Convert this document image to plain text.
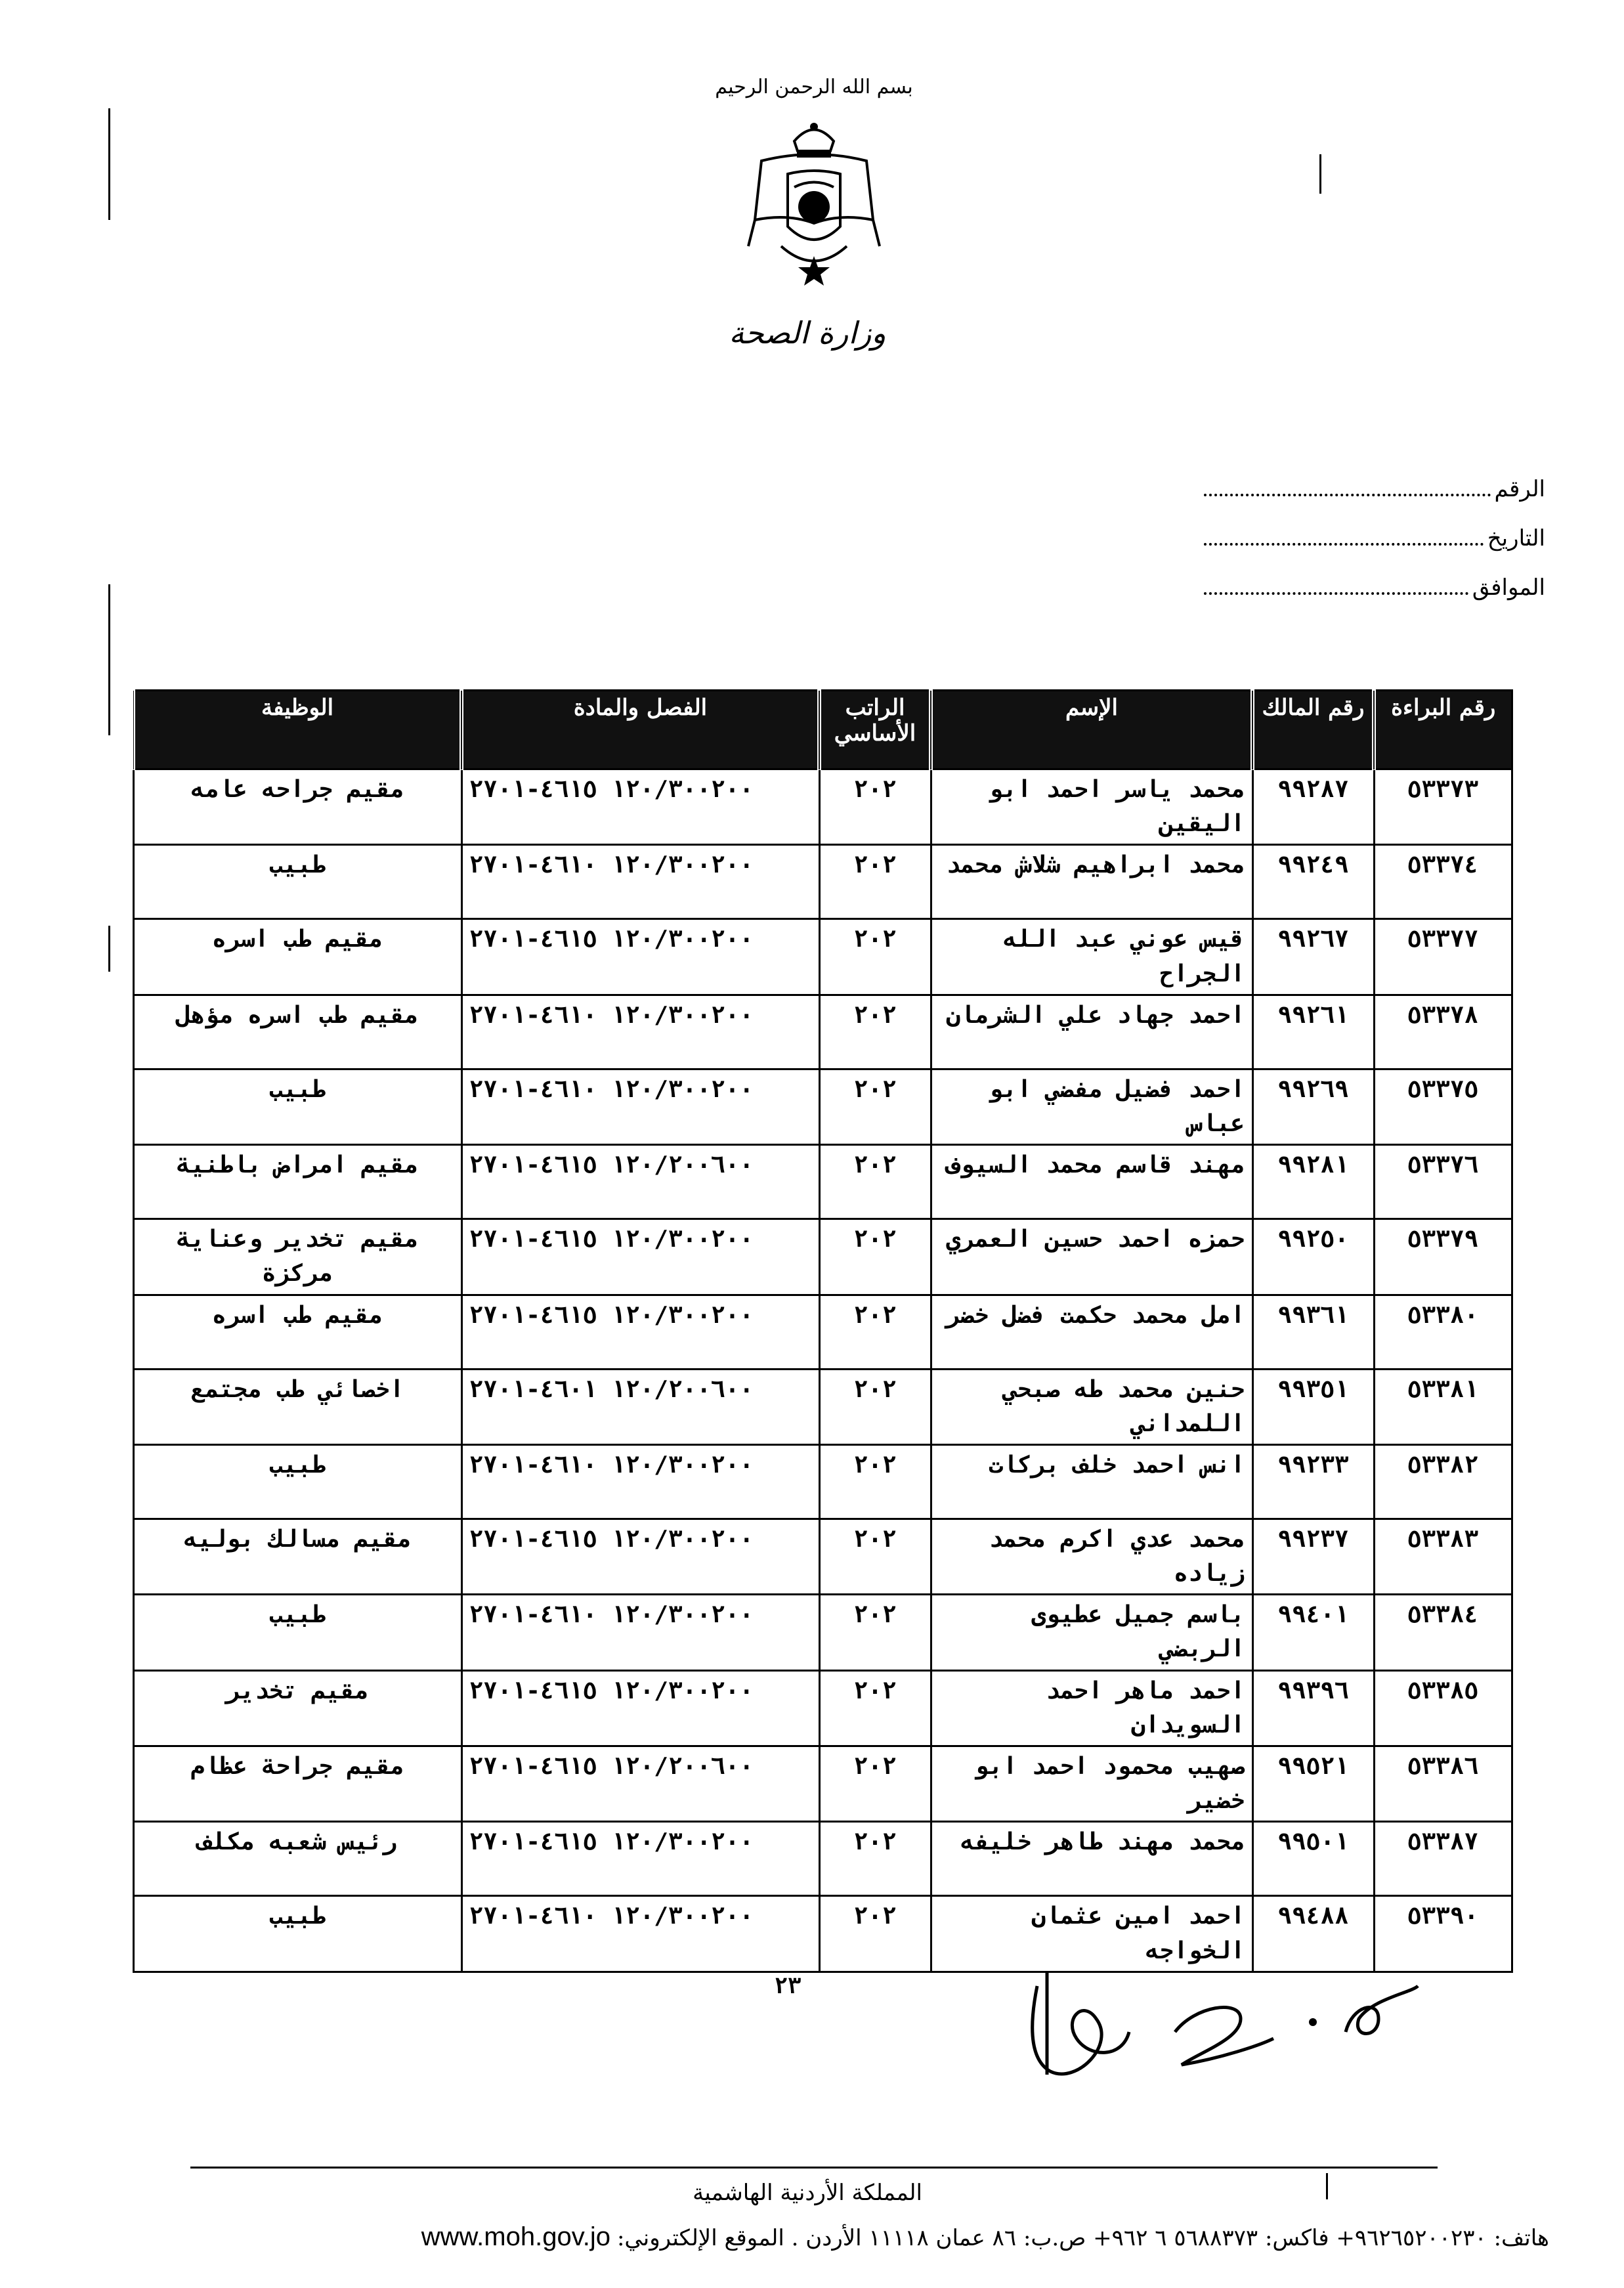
بسم الله الرحمن الرحيم
وزارة الصحة
الرقم
التاريخ
الموافق
رقم البراءة	رقم المالك	الإسم	الراتب الأساسي	الفصل والمادة	الوظيفة
٥٣٣٧٣	٩٩٢٨٧	محمد ياسر احمد ابو اليقين	٢٠٢	١٢٠/٣٠٠٢٠٠ ٤٦١٥-٢٧٠١	مقيم جراحه عامه
٥٣٣٧٤	٩٩٢٤٩	محمد ابراهيم شلاش محمد	٢٠٢	١٢٠/٣٠٠٢٠٠ ٤٦١٠-٢٧٠١	طبيب
٥٣٣٧٧	٩٩٢٦٧	قيس عوني عبد الله الجراح	٢٠٢	١٢٠/٣٠٠٢٠٠ ٤٦١٥-٢٧٠١	مقيم طب اسره
٥٣٣٧٨	٩٩٢٦١	احمد جهاد علي الشرمان	٢٠٢	١٢٠/٣٠٠٢٠٠ ٤٦١٠-٢٧٠١	مقيم طب اسره مؤهل
٥٣٣٧٥	٩٩٢٦٩	احمد فضيل مفضي ابو عباس	٢٠٢	١٢٠/٣٠٠٢٠٠ ٤٦١٠-٢٧٠١	طبيب
٥٣٣٧٦	٩٩٢٨١	مهند قاسم محمد السيوف	٢٠٢	١٢٠/٢٠٠٦٠٠ ٤٦١٥-٢٧٠١	مقيم امراض باطنية
٥٣٣٧٩	٩٩٢٥٠	حمزه احمد حسين العمري	٢٠٢	١٢٠/٣٠٠٢٠٠ ٤٦١٥-٢٧٠١	مقيم تخدير وعناية مركزة
٥٣٣٨٠	٩٩٣٦١	امل محمد حكمت فضل خضر	٢٠٢	١٢٠/٣٠٠٢٠٠ ٤٦١٥-٢٧٠١	مقيم طب اسره
٥٣٣٨١	٩٩٣٥١	حنين محمد طه صبحي اللمداني	٢٠٢	١٢٠/٢٠٠٦٠٠ ٤٦٠١-٢٧٠١	اخصائي طب مجتمع
٥٣٣٨٢	٩٩٢٣٣	انس احمد خلف بركات	٢٠٢	١٢٠/٣٠٠٢٠٠ ٤٦١٠-٢٧٠١	طبيب
٥٣٣٨٣	٩٩٢٣٧	محمد عدي اكرم محمد زياده	٢٠٢	١٢٠/٣٠٠٢٠٠ ٤٦١٥-٢٧٠١	مقيم مسالك بوليه
٥٣٣٨٤	٩٩٤٠١	باسم جميل عطيوى الربضي	٢٠٢	١٢٠/٣٠٠٢٠٠ ٤٦١٠-٢٧٠١	طبيب
٥٣٣٨٥	٩٩٣٩٦	احمد ماهر احمد السويدان	٢٠٢	١٢٠/٣٠٠٢٠٠ ٤٦١٥-٢٧٠١	مقيم تخدير
٥٣٣٨٦	٩٩٥٢١	صهيب محمود احمد ابو خضير	٢٠٢	١٢٠/٢٠٠٦٠٠ ٤٦١٥-٢٧٠١	مقيم جراحة عظام
٥٣٣٨٧	٩٩٥٠١	محمد مهند طاهر خليفه	٢٠٢	١٢٠/٣٠٠٢٠٠ ٤٦١٥-٢٧٠١	رئيس شعبه مكلف
٥٣٣٩٠	٩٩٤٨٨	احمد امين عثمان الخواجه	٢٠٢	١٢٠/٣٠٠٢٠٠ ٤٦١٠-٢٧٠١	طبيب
٢٣
المملكة الأردنية الهاشمية
هاتف: ٩٦٢٦٥٢٠٠٢٣٠+ فاكس: ٥٦٨٨٣٧٣ ٦ ٩٦٢+ ص.ب: ٨٦ عمان ١١١١٨ الأردن . الموقع الإلكتروني:
www.moh.gov.jo
